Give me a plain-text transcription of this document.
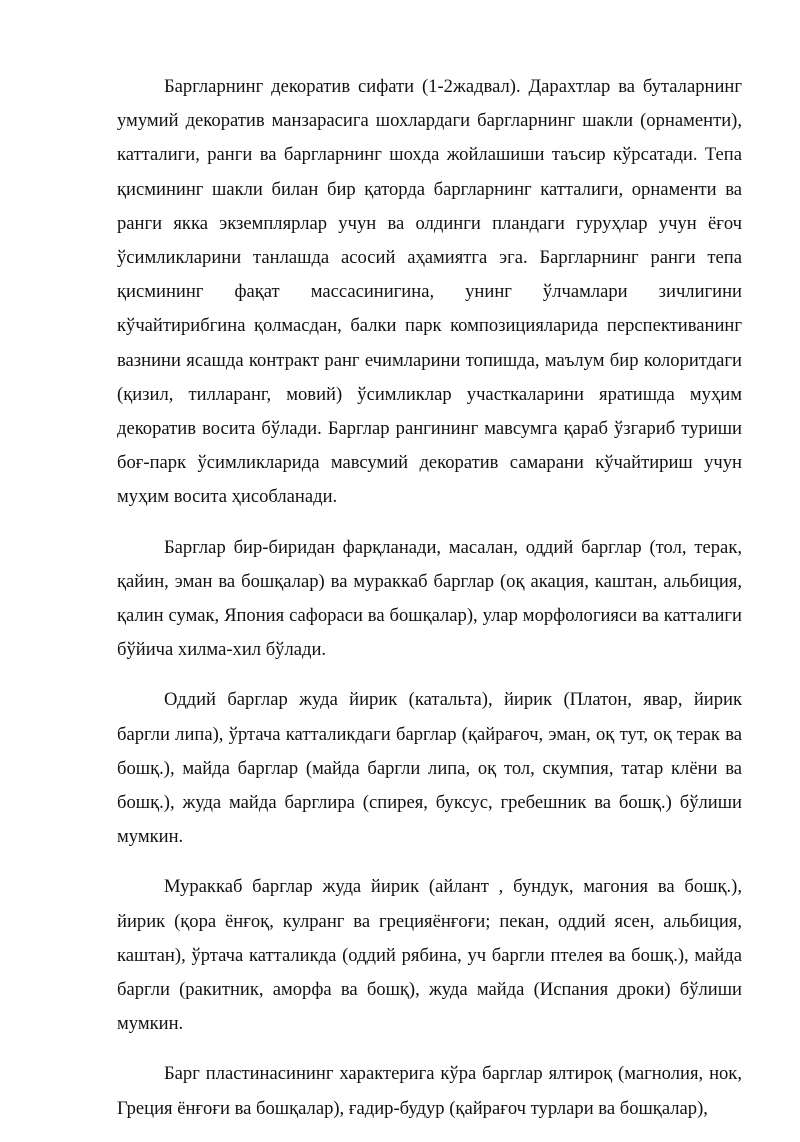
Баргларнинг декоратив сифати (1-2жадвал). Дарахтлар ва буталарнинг умумий декоратив манзарасига шохлардаги баргларнинг шакли (орнаменти), катталиги, ранги ва баргларнинг шохда жойлашиши таъсир кўрсатади. Тепа қисмининг шакли билан бир қаторда баргларнинг катталиги, орнаменти ва ранги якка экземплярлар учун ва олдинги пландаги гуруҳлар учун ёғоч ўсимликларини танлашда асосий аҳамиятга эга. Баргларнинг ранги тепа қисмининг фақат массасинигина, унинг ўлчамлари зичлигини кўчайтирибгина қолмасдан, балки парк композицияларида перспективанинг вазнини ясашда контракт ранг ечимларини топишда, маълум бир колоритдаги (қизил, тилларанг, мовий) ўсимликлар участкаларини яратишда муҳим декоратив восита бўлади. Барглар рангининг мавсумга қараб ўзгариб туриши боғ-парк ўсимликларида мавсумий декоратив самарани кўчайтириш учун муҳим восита ҳисобланади.

Барглар бир-биридан фарқланади, масалан, оддий барглар (тол, терак, қайин, эман ва бошқалар) ва мураккаб барглар (оқ акация, каштан, альбиция, қалин сумак, Япония сафораси ва бошқалар), улар морфологияси ва катталиги бўйича хилма-хил бўлади.

Оддий барглар жуда йирик (катальта), йирик (Платон, явар, йирик баргли липа), ўртача катталикдаги барглар (қайрағоч, эман, оқ тут, оқ терак ва бошқ.), майда барглар (майда баргли липа, оқ тол, скумпия, татар клёни ва бошқ.), жуда майда барглира (спирея, буксус, гребешник ва бошқ.) бўлиши мумкин.

Мураккаб барглар жуда йирик (айлант , бундук, магония ва бошқ.), йирик (қора ёнғоқ, кулранг ва грецияёнғоғи; пекан, оддий ясен, альбиция, каштан), ўртача катталикда (оддий рябина, уч баргли птелея ва бошқ.), майда баргли (ракитник, аморфа ва бошқ), жуда майда (Испания дроки) бўлиши мумкин.

Барг пластинасининг характерига кўра барглар ялтироқ (магнолия, нок, Греция ёнғоғи ва бошқалар), ғадир-будур (қайрағоч турлари ва бошқалар),
